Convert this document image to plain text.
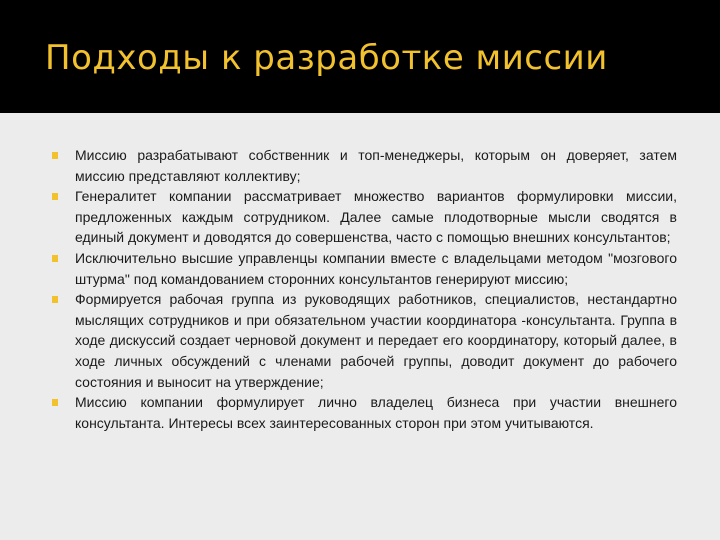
Подходы к разработке миссии
Миссию разрабатывают собственник и топ-менеджеры, которым он доверяет, затем миссию представляют коллективу;
Генералитет компании рассматривает множество вариантов формулировки миссии, предложенных каждым сотрудником. Далее самые плодотворные мысли сводятся в единый документ и доводятся до совершенства, часто с помощью внешних консультантов;
Исключительно высшие управленцы компании вместе с владельцами методом "мозгового штурма" под командованием сторонних консультантов генерируют миссию;
Формируется рабочая группа из руководящих работников, специалистов, нестандартно мыслящих сотрудников и при обязательном участии координатора -консультанта. Группа в ходе дискуссий создает черновой документ и передает его координатору, который далее, в ходе личных обсуждений с членами рабочей группы, доводит документ до рабочего состояния и выносит на утверждение;
Миссию компании формулирует лично владелец бизнеса при участии внешнего консультанта. Интересы всех заинтересованных сторон при этом учитываются.
